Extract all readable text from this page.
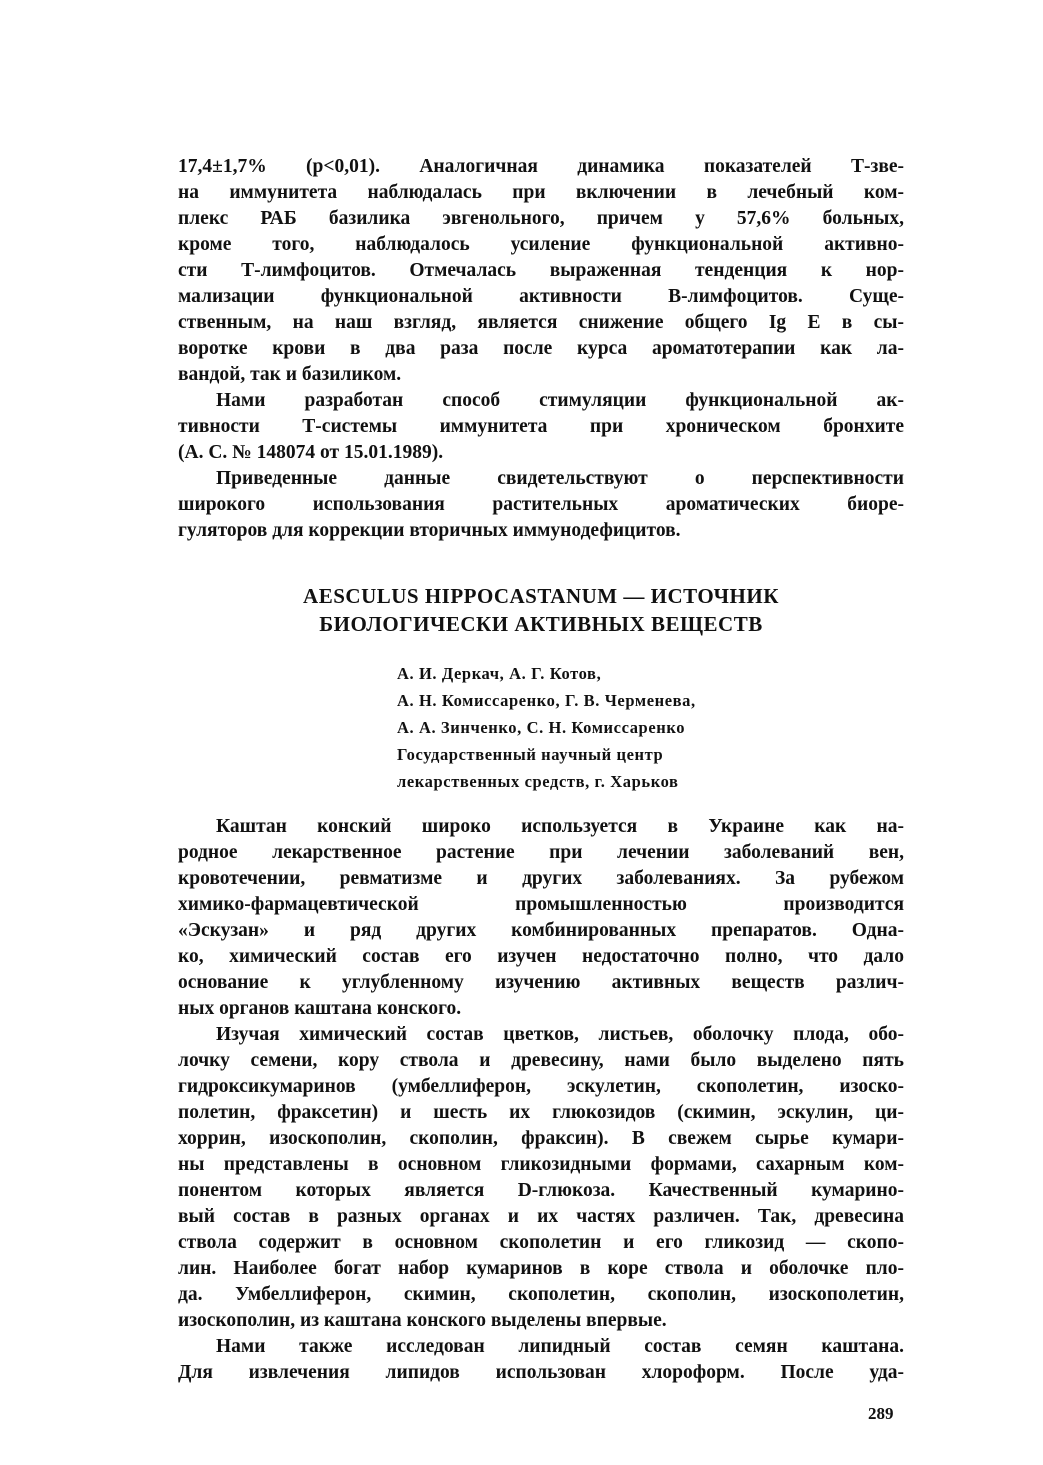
17,4±1,7% (р<0,01). Аналогичная динамика показателей Т-зве-
на иммунитета наблюдалась при включении в лечебный ком-
плекс РАБ базилика эвгенольного, причем у 57,6% больных,
кроме того, наблюдалось усиление функциональной активно-
сти Т-лимфоцитов. Отмечалась выраженная тенденция к нор-
мализации функциональной активности В-лимфоцитов. Суще-
ственным, на наш взгляд, является снижение общего Ig E в сы-
воротке крови в два раза после курса ароматотерапии как ла-
вандой, так и базиликом.
Нами разработан способ стимуляции функциональной ак-
тивности Т-системы иммунитета при хроническом бронхите
(А. С. № 148074 от 15.01.1989).
Приведенные данные свидетельствуют о перспективности
широкого использования растительных ароматических биоре-
гуляторов для коррекции вторичных иммунодефицитов.
AESCULUS HIPPOCASTANUM — ИСТОЧНИК
БИОЛОГИЧЕСКИ АКТИВНЫХ ВЕЩЕСТВ
А. И. Деркач, А. Г. Котов,
А. Н. Комиссаренко, Г. В. Черменева,
А. А. Зинченко, С. Н. Комиссаренко
Государственный научный центр
лекарственных средств, г. Харьков
Каштан конский широко используется в Украине как на-
родное лекарственное растение при лечении заболеваний вен,
кровотечении, ревматизме и других заболеваниях. За рубежом
химико-фармацевтической промышленностью производится
«Эскузан» и ряд других комбинированных препаратов. Одна-
ко, химический состав его изучен недостаточно полно, что дало
основание к углубленному изучению активных веществ различ-
ных органов каштана конского.
Изучая химический состав цветков, листьев, оболочку плода, обо-
лочку семени, кору ствола и древесину, нами было выделено пять
гидроксикумаринов (умбеллиферон, эскулетин, скополетин, изоско-
полетин, фраксетин) и шесть их глюкозидов (скимин, эскулин, ци-
хоррин, изоскополин, скополин, фраксин). В свежем сырье кумари-
ны представлены в основном гликозидными формами, сахарным ком-
понентом которых является D-глюкоза. Качественный кумарино-
вый состав в разных органах и их частях различен. Так, древесина
ствола содержит в основном скополетин и его гликозид — скопо-
лин. Наиболее богат набор кумаринов в коре ствола и оболочке пло-
да. Умбеллиферон, скимин, скополетин, скополин, изоскополетин,
изоскополин, из каштана конского выделены впервые.
Нами также исследован липидный состав семян каштана.
Для извлечения липидов использован хлороформ. После уда-
289
